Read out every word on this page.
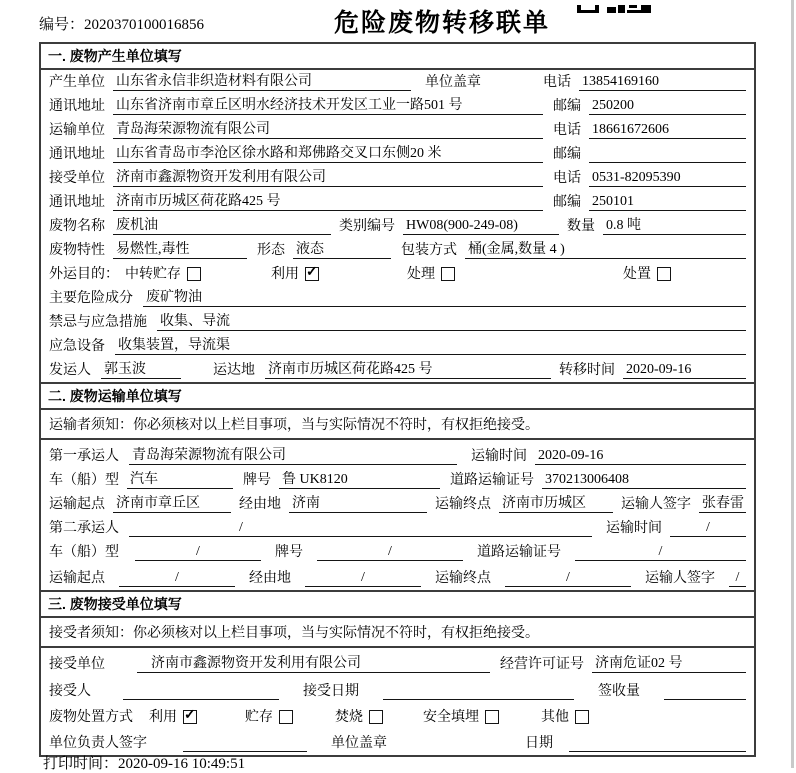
编号：2020370100016856	危险废物转移联单
一. 废物产生单位填写
产生单位 山东省永信非织造材料有限公司	单位盖章	电话 13854169160
通讯地址 山东省济南市章丘区明水经济技术开发区工业一路501 号	邮编 250200
运输单位 青岛海荣源物流有限公司	电话 18661672606
通讯地址 山东省青岛市李沧区徐水路和郑佛路交叉口东侧20 米	邮编
接受单位 济南市鑫源物资开发利用有限公司	电话 0531-82095390
通讯地址 济南市历城区荷花路425 号	邮编 250101
废物名称 废机油	类别编号 HW08(900-249-08)	数量 0.8 吨
废物特性 易燃性,毒性	形态 液态	包装方式 桶(金属,数量 4 )
外运目的： 中转贮存	利用 ✓	处理	处置
主要危险成分 废矿物油
禁忌与应急措施 收集、导流
应急设备 收集装置，导流渠
发运人 郭玉波	运达地 济南市历城区荷花路425 号	转移时间 2020-09-16
二. 废物运输单位填写
运输者须知：你必须核对以上栏目事项，当与实际情况不符时，有权拒绝接受。
第一承运人 青岛海荣源物流有限公司	运输时间 2020-09-16
车（船）型 汽车	牌号 鲁 UK8120	道路运输证号 370213006408
运输起点 济南市章丘区	经由地 济南	运输终点 济南市历城区	运输人签字 张春雷
第二承运人	/	运输时间	/
车（船）型	/	牌号	/	道路运输证号	/
运输起点	/	经由地	/	运输终点	/	运输人签字	/
三. 废物接受单位填写
接受者须知：你必须核对以上栏目事项，当与实际情况不符时，有权拒绝接受。
接受单位	济南市鑫源物资开发利用有限公司	经营许可证号 济南危证02 号
接受人	接受日期	签收量
废物处置方式 利用 ✓	贮存	焚烧	安全填埋	其他
单位负责人签字	单位盖章	日期
打印时间：2020-09-16 10:49:51
